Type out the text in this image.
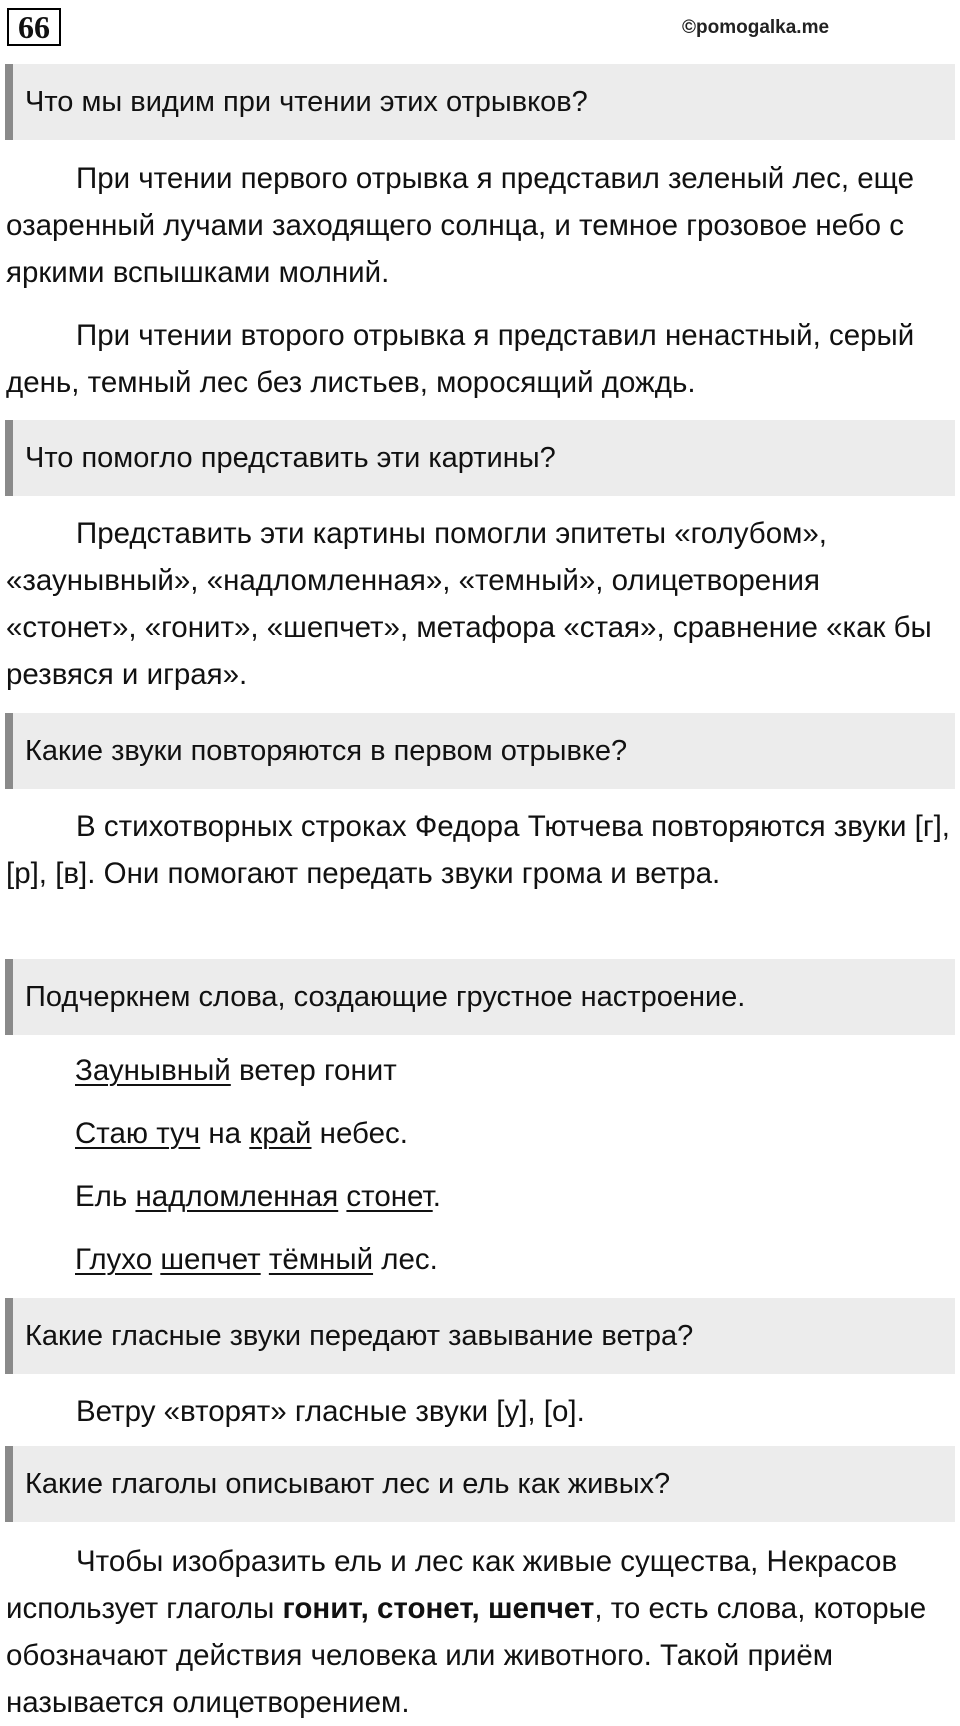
66	©pomogalka.me
Что мы видим при чтении этих отрывков?

При чтении первого отрывка я представил зеленый лес, еще озаренный лучами заходящего солнца, и темное грозовое небо с яркими вспышками молний.

При чтении второго отрывка я представил ненастный, серый день, темный лес без листьев, моросящий дождь.

Что помогло представить эти картины?

Представить эти картины помогли эпитеты «голубом», «заунывный», «надломленная», «темный», олицетворения «стонет», «гонит», «шепчет», метафора «стая», сравнение «как бы резвяся и играя».

Какие звуки повторяются в первом отрывке?

В стихотворных строках Федора Тютчева повторяются звуки [г], [р], [в]. Они помогают передать звуки грома и ветра.

Подчеркнем слова, создающие грустное настроение.
Заунывный ветер гонит
Стаю туч на край небес.
Ель надломленная стонет.
Глухо шепчет тёмный лес.
Какие гласные звуки передают завывание ветра?

Ветру «вторят» гласные звуки [у], [о].

Какие глаголы описывают лес и ель как живых?

Чтобы изобразить ель и лес как живые существа, Некрасов использует глаголы гонит, стонет, шепчет, то есть слова, которые обозначают действия человека или животного. Такой приём называется олицетворением.
